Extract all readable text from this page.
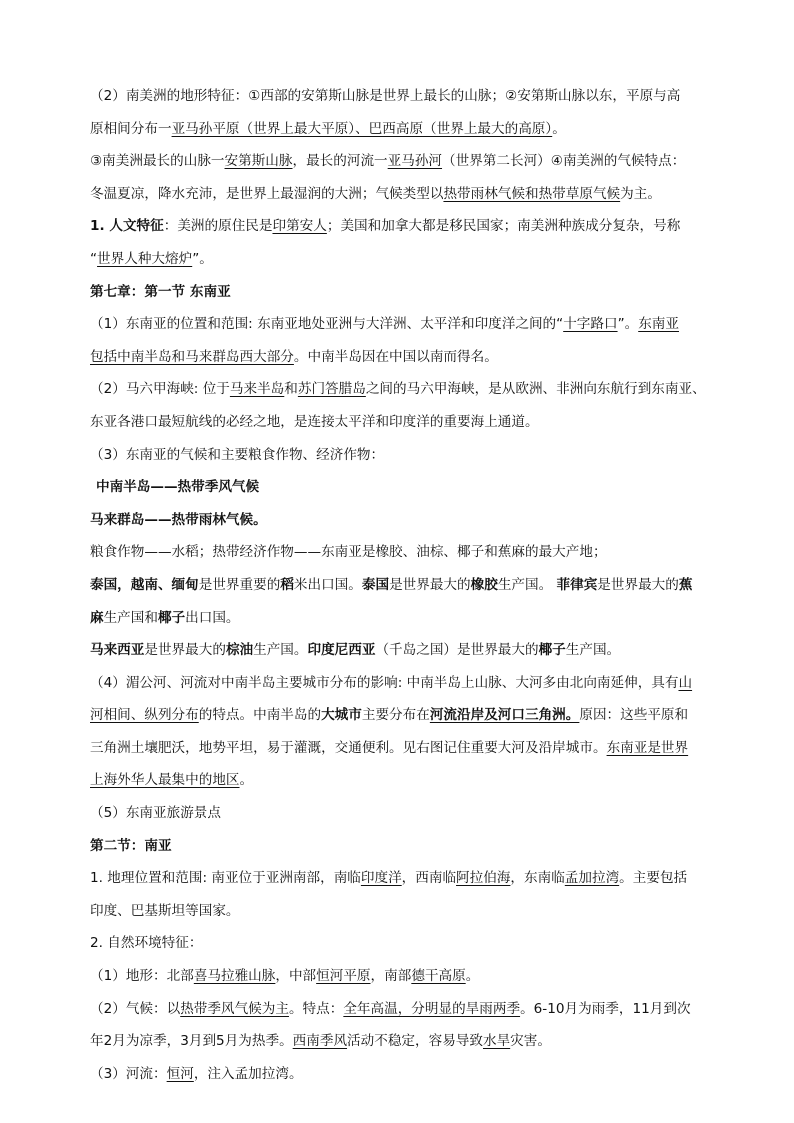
（2）南美洲的地形特征：①西部的安第斯山脉是世界上最长的山脉；②安第斯山脉以东，平原与高

原相间分布一亚马孙平原（世界上最大平原）、巴西高原（世界上最大的高原）。

③南美洲最长的山脉一安第斯山脉，最长的河流一亚马孙河（世界第二长河）④南美洲的气候特点：

冬温夏凉，降水充沛，是世界上最湿润的大洲；气候类型以热带雨林气候和热带草原气候为主。

1. 人文特征：美洲的原住民是印第安人；美国和加拿大都是移民国家；南美洲种族成分复杂，号称

“世界人种大熔炉”。

第七章：第一节 东南亚

（1）东南亚的位置和范围: 东南亚地处亚洲与大洋洲、太平洋和印度洋之间的“十字路口”。东南亚

包括中南半岛和马来群岛西大部分。中南半岛因在中国以南而得名。

（2）马六甲海峡: 位于马来半岛和苏门答腊岛之间的马六甲海峡，是从欧洲、非洲向东航行到东南亚、

东亚各港口最短航线的必经之地，是连接太平洋和印度洋的重要海上通道。

（3）东南亚的气候和主要粮食作物、经济作物：

中南半岛——热带季风气候

马来群岛——热带雨林气候。

粮食作物——水稻；热带经济作物——东南亚是橡胶、油棕、椰子和蕉麻的最大产地；

泰国，越南、缅甸是世界重要的稻米出口国。泰国是世界最大的橡胶生产国。 菲律宾是世界最大的蕉

麻生产国和椰子出口国。

马来西亚是世界最大的棕油生产国。印度尼西亚（千岛之国）是世界最大的椰子生产国。

（4）湄公河、河流对中南半岛主要城市分布的影响: 中南半岛上山脉、大河多由北向南延伸，具有山

河相间、纵列分布的特点。中南半岛的大城市主要分布在河流沿岸及河口三角洲。原因：这些平原和

三角洲土壤肥沃，地势平坦，易于灌溉，交通便利。见右图记住重要大河及沿岸城市。东南亚是世界

上海外华人最集中的地区。

（5）东南亚旅游景点

第二节：南亚

1. 地理位置和范围: 南亚位于亚洲南部，南临印度洋，西南临阿拉伯海，东南临孟加拉湾。主要包括

印度、巴基斯坦等国家。

2. 自然环境特征：

（1）地形：北部喜马拉雅山脉，中部恒河平原，南部德干高原。

（2）气候：以热带季风气候为主。特点：全年高温，分明显的旱雨两季。6-10月为雨季，11月到次

年2月为凉季，3月到5月为热季。西南季风活动不稳定，容易导致水旱灾害。

（3）河流：恒河，注入孟加拉湾。
